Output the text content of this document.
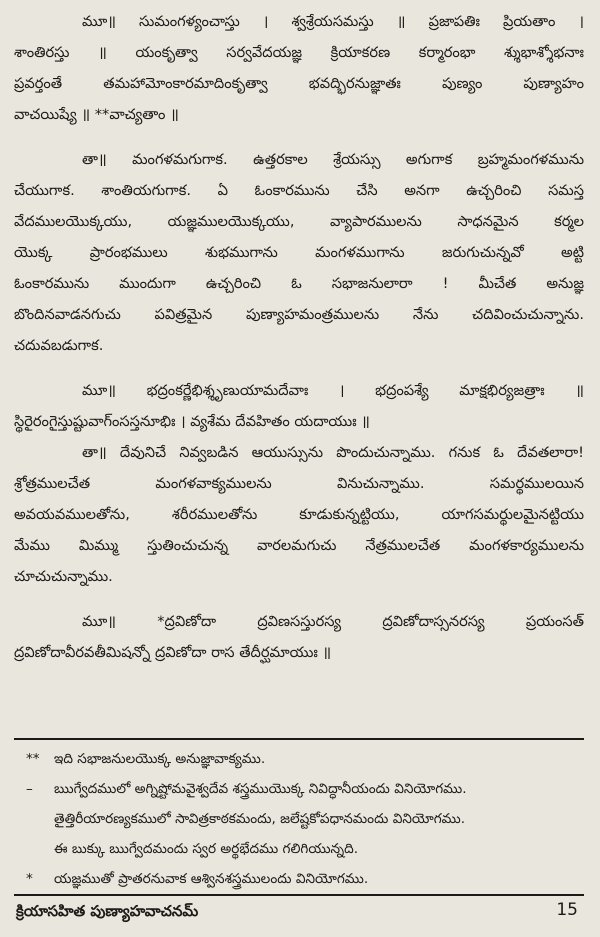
మూ॥ సుమంగళ్యంచాస్తు । శ్వశ్రేయసమస్తు ॥ ప్రజాపతిః ప్రియతాం ।
శాంతిరస్తు ॥ యంకృత్వా సర్వవేదయజ్ఞ క్రియాకరణ కర్మారంభా శ్శుభాశ్శోభనాః
ప్రవర్తంతే తమహామోంకారమాదింకృత్వా భవద్భిరనుజ్ఞాతః పుణ్యం పుణ్యాహం
వాచయిష్యే ॥ **వాచ్యతాం ॥
తా॥ మంగళమగుగాక. ఉత్తరకాల శ్రేయస్సు అగుగాక బ్రహ్మమంగళమును
చేయుగాక. శాంతియగుగాక. ఏ ఓంకారమును చేసి అనగా ఉచ్చరించి సమస్త
వేదములయొక్కయు, యజ్ఞములయొక్కయు, వ్యాపారములను సాధనమైన కర్మల
యొక్క ప్రారంభములు శుభముగాను మంగళముగాను జరుగుచున్నవో అట్టి
ఓంకారమును ముందుగా ఉచ్చరించి ఓ సభాజనులారా ! మీచేత అనుజ్ఞ
బొందినవాడనగుచు పవిత్రమైన పుణ్యాహమంత్రములను నేను చదివించుచున్నాను.
చదువబడుగాక.
మూ॥ భద్రంకర్ణేభిశ్శృణుయామదేవాః । భద్రంపశ్యే మాక్షభిర్యజత్రాః ॥
స్థిరైరంగైస్తుష్టువాగ్ంసస్తనూభిః । వ్యశేమ దేవహితం యదాయుః ॥
తా॥ దేవునిచే నివ్వబడిన ఆయుస్సును పొందుచున్నాము. గనుక ఓ దేవతలారా!
శ్రోత్రములచేత మంగళవాక్యములను వినుచున్నాము. సమర్థములయిన
అవయవములతోను, శరీరములతోను కూడుకున్నట్టియు, యాగసమర్థులమైనట్టియు
మేము మిమ్ము స్తుతించుచున్న వారలమగుచు నేత్రములచేత మంగళకార్యములను
చూచుచున్నాము.
మూ॥ *ద్రవిణోదా ద్రవిణసస్తురస్య ద్రవిణోదాస్సనరస్య ప్రయంసత్
ద్రవిణోదావీరవతీమిషన్నో ద్రవిణోదా రాస తేదీర్ఘమాయుః ॥
** ఇది సభాజనులయొక్క అనుజ్ఞావాక్యము.
– ఋగ్వేదములో అగ్నిష్టోమవైశ్వదేవ శస్త్రముయొక్క నివిద్ధానీయందు వినియోగము.
తైత్తిరీయారణ్యకములో సావిత్రకాఠకమందు, జలేష్టకోపధానమందు వినియోగము.
ఈ బుక్కు ఋగ్వేదమందు స్వర అర్థభేదము గలిగియున్నది.
* యజ్ఞముతో ప్రాతరనువాక ఆశ్వినశస్త్రములందు వినియోగము.
క్రియాసహిత పుణ్యాహవాచనమ్	15
